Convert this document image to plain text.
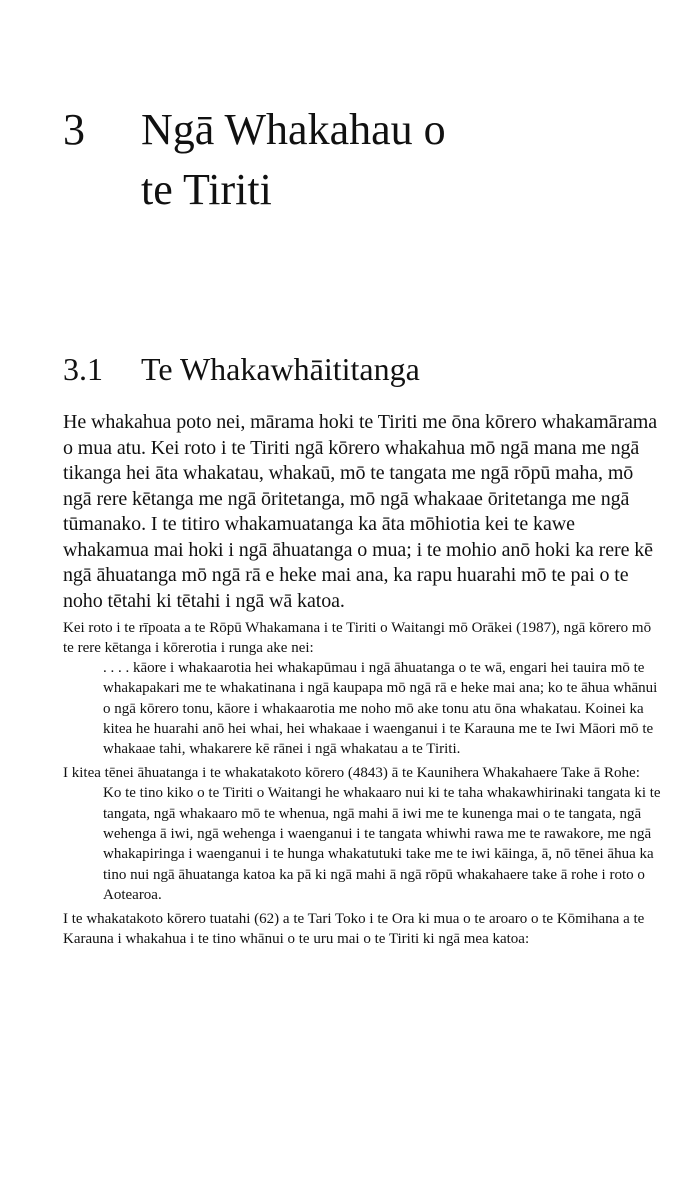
3 Ngā Whakahau o
te Tiriti
3.1 Te Whakawhāititanga

He whakahua poto nei, mārama hoki te Tiriti me ōna kōrero whakamārama o mua atu. Kei roto i te Tiriti ngā kōrero whakahua mō ngā mana me ngā tikanga hei āta whakatau, whakaū, mō te tangata me ngā rōpū maha, mō ngā rere kētanga me ngā ōritetanga, mō ngā whakaae ōritetanga me ngā tūmanako. I te titiro whakamuatanga ka āta mōhiotia kei te kawe whakamua mai hoki i ngā āhuatanga o mua; i te mohio anō hoki ka rere kē ngā āhuatanga mō ngā rā e heke mai ana, ka rapu huarahi mō te pai o te noho tētahi ki tētahi i ngā wā katoa.

Kei roto i te rīpoata a te Rōpū Whakamana i te Tiriti o Waitangi mō Orākei (1987), ngā kōrero mō te rere kētanga i kōrerotia i runga ake nei:

. . . . kāore i whakaarotia hei whakapūmau i ngā āhuatanga o te wā, engari hei tauira mō te whakapakari me te whakatinana i ngā kaupapa mō ngā rā e heke mai ana; ko te āhua whānui o ngā kōrero tonu, kāore i whakaarotia me noho mō ake tonu atu ōna whakatau. Koinei ka kitea he huarahi anō hei whai, hei whakaae i waenganui i te Karauna me te Iwi Māori mō te whakaae tahi, whakarere kē rānei i ngā whakatau a te Tiriti.

I kitea tēnei āhuatanga i te whakatakoto kōrero (4843) ā te Kaunihera Whakahaere Take ā Rohe:

Ko te tino kiko o te Tiriti o Waitangi he whakaaro nui ki te taha whakawhirinaki tangata ki te tangata, ngā whakaaro mō te whenua, ngā mahi ā iwi me te kunenga mai o te tangata, ngā wehenga ā iwi, ngā wehenga i waenganui i te tangata whiwhi rawa me te rawakore, me ngā whakapiringa i waenganui i te hunga whakatutuki take me te iwi kāinga, ā, nō tēnei āhua ka tino nui ngā āhuatanga katoa ka pā ki ngā mahi ā ngā rōpū whakahaere take ā rohe i roto o Aotearoa.

I te whakatakoto kōrero tuatahi (62) a te Tari Toko i te Ora ki mua o te aroaro o te Kōmihana a te Karauna i whakahua i te tino whānui o te uru mai o te Tiriti ki ngā mea katoa:
